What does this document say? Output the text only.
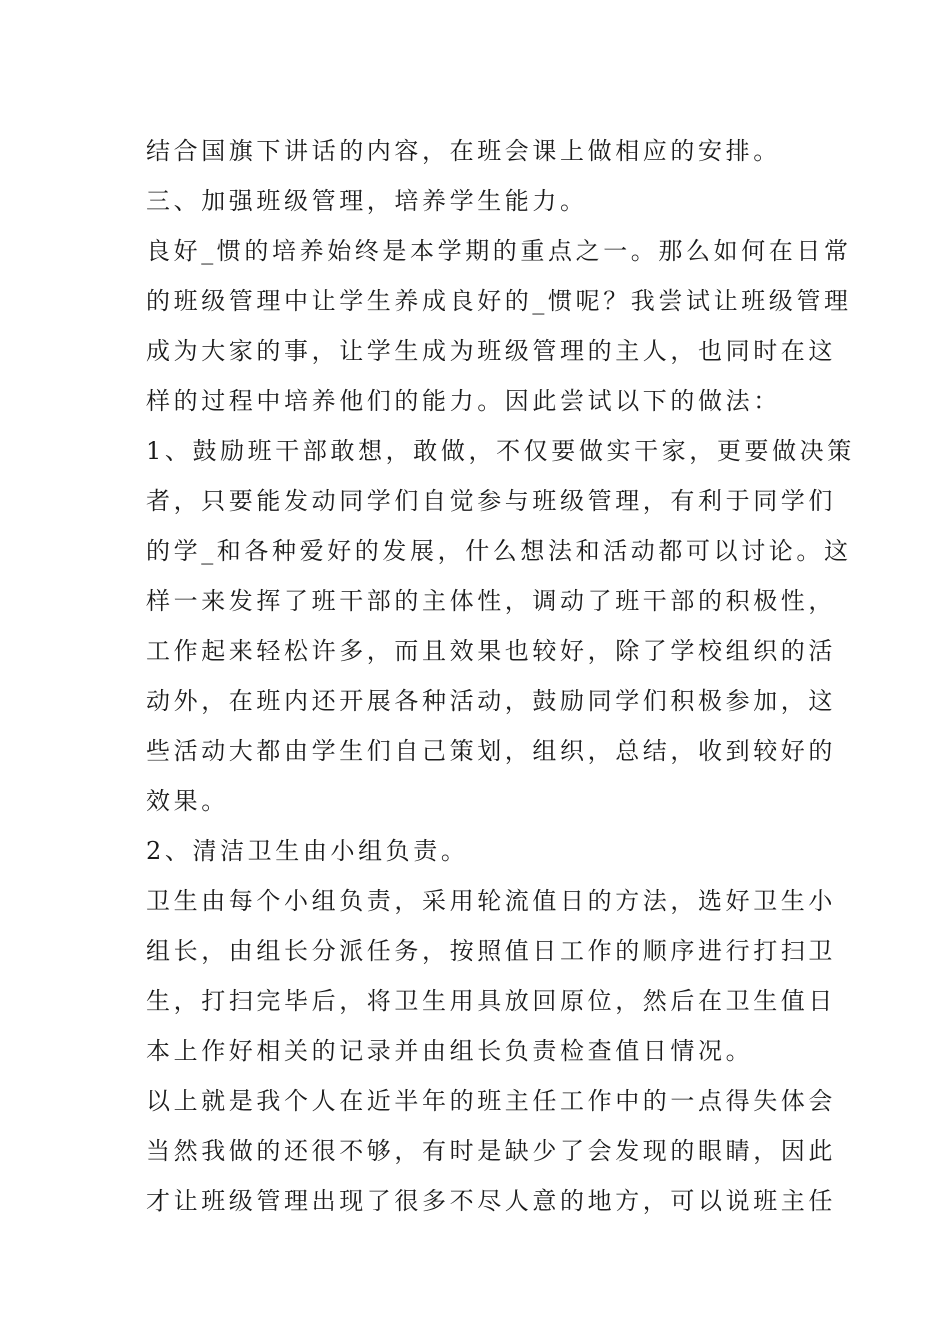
结合国旗下讲话的内容，在班会课上做相应的安排。
三、加强班级管理，培养学生能力。
良好_惯的培养始终是本学期的重点之一。那么如何在日常
的班级管理中让学生养成良好的_惯呢？我尝试让班级管理
成为大家的事，让学生成为班级管理的主人，也同时在这
样的过程中培养他们的能力。因此尝试以下的做法：
1、鼓励班干部敢想，敢做，不仅要做实干家，更要做决策
者，只要能发动同学们自觉参与班级管理，有利于同学们
的学_和各种爱好的发展，什么想法和活动都可以讨论。这
样一来发挥了班干部的主体性，调动了班干部的积极性，
工作起来轻松许多，而且效果也较好，除了学校组织的活
动外，在班内还开展各种活动，鼓励同学们积极参加，这
些活动大都由学生们自己策划，组织，总结，收到较好的
效果。
2、清洁卫生由小组负责。
卫生由每个小组负责，采用轮流值日的方法，选好卫生小
组长，由组长分派任务，按照值日工作的顺序进行打扫卫
生，打扫完毕后，将卫生用具放回原位，然后在卫生值日
本上作好相关的记录并由组长负责检查值日情况。
以上就是我个人在近半年的班主任工作中的一点得失体会
当然我做的还很不够，有时是缺少了会发现的眼睛，因此
才让班级管理出现了很多不尽人意的地方，可以说班主任
